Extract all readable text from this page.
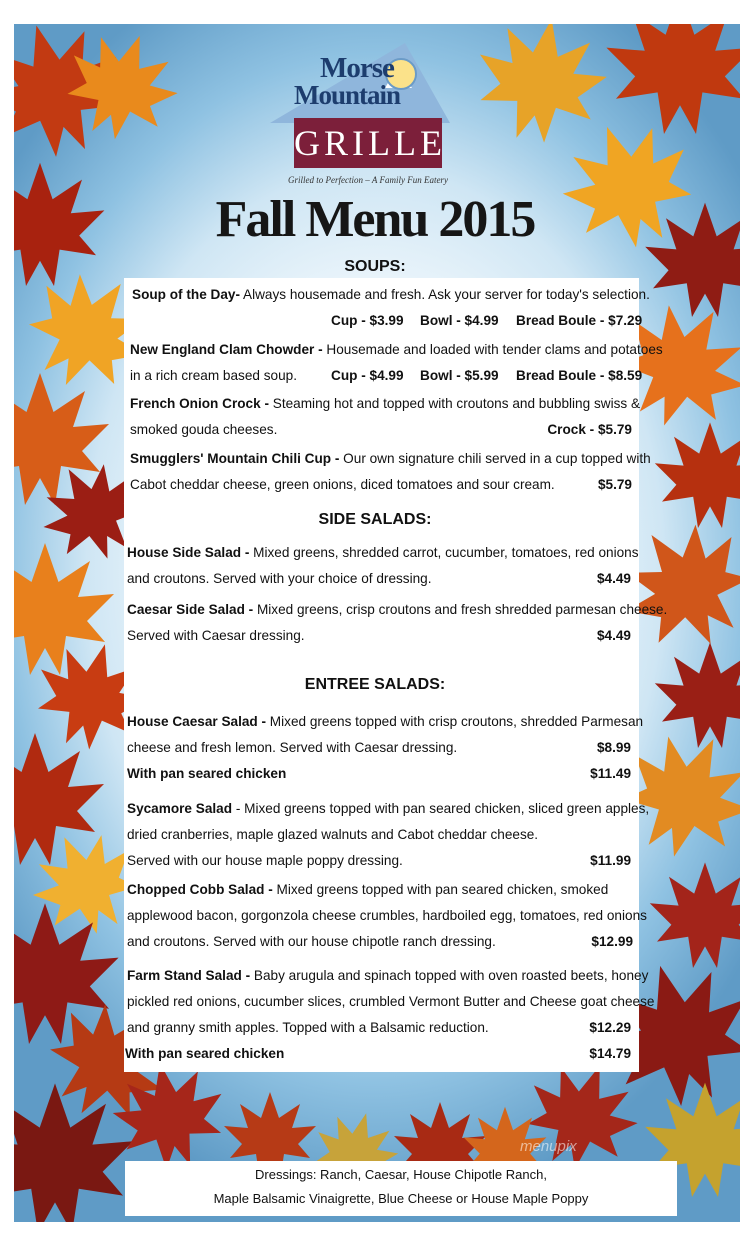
Morse
Mountain
GRILLE
Grilled to Perfection – A Family Fun Eatery
Fall Menu 2015
SOUPS:
Soup of the Day- Always housemade and fresh. Ask your server for today's selection.
Cup - $3.99 Bowl - $4.99 Bread Boule - $7.29
New England Clam Chowder - Housemade and loaded with tender clams and potatoes
in a rich cream based soup.	Cup - $4.99 Bowl - $5.99 Bread Boule - $8.59
French Onion Crock - Steaming hot and topped with croutons and bubbling swiss &
smoked gouda cheeses.	Crock - $5.79
Smugglers' Mountain Chili Cup - Our own signature chili served in a cup topped with
Cabot cheddar cheese, green onions, diced tomatoes and sour cream.	$5.79
SIDE SALADS:
House Side Salad - Mixed greens, shredded carrot, cucumber, tomatoes, red onions
and croutons. Served with your choice of dressing.	$4.49
Caesar Side Salad - Mixed greens, crisp croutons and fresh shredded parmesan cheese.
Served with Caesar dressing.	$4.49
ENTREE SALADS:
House Caesar Salad - Mixed greens topped with crisp croutons, shredded Parmesan
cheese and fresh lemon. Served with Caesar dressing.	$8.99
With pan seared chicken	$11.49
Sycamore Salad - Mixed greens topped with pan seared chicken, sliced green apples,
dried cranberries, maple glazed walnuts and Cabot cheddar cheese.
Served with our house maple poppy dressing.	$11.99
Chopped Cobb Salad - Mixed greens topped with pan seared chicken, smoked
applewood bacon, gorgonzola cheese crumbles, hardboiled egg, tomatoes, red onions
and croutons. Served with our house chipotle ranch dressing.	$12.99
Farm Stand Salad - Baby arugula and spinach topped with oven roasted beets, honey
pickled red onions, cucumber slices, crumbled Vermont Butter and Cheese goat cheese
and granny smith apples. Topped with a Balsamic reduction.	$12.29
With pan seared chicken	$14.79
Dressings: Ranch, Caesar, House Chipotle Ranch,
Maple Balsamic Vinaigrette, Blue Cheese or House Maple Poppy
menupix
